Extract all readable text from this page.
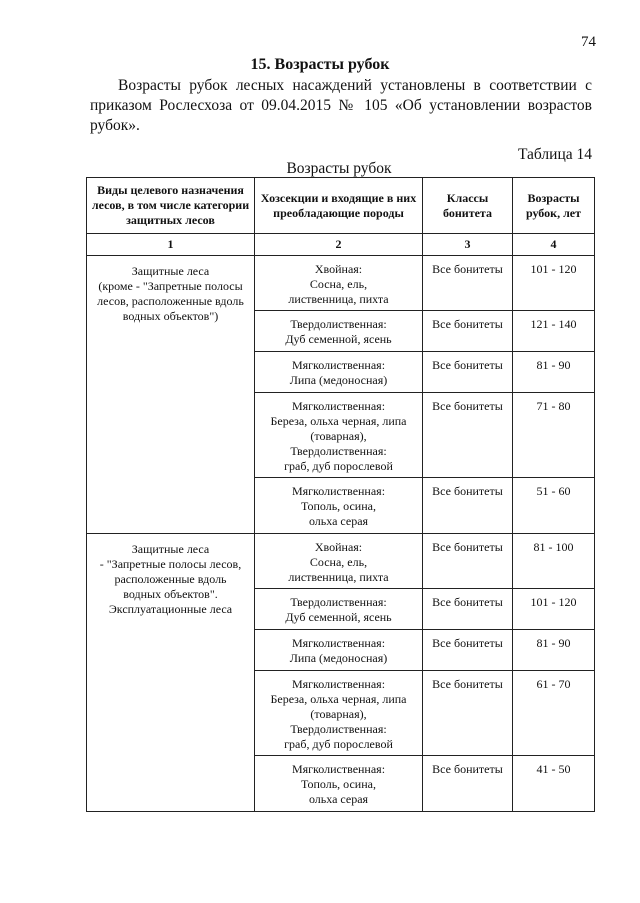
74
15. Возрасты рубок
Возрасты рубок лесных насаждений установлены в соответствии с
приказом Рослесхоза от 09.04.2015 № 105 «Об установлении возрастов
рубок».
Таблица 14
Возрасты рубок
Виды целевого назначения лесов, в том числе категории защитных лесов	Хозсекции и входящие в них преобладающие породы	Классы бонитета	Возрасты рубок, лет
1	2	3	4

Защитные леса
(кроме - "Запретные полосы
лесов, расположенные вдоль
водных объектов")	Хвойная:
Сосна, ель,
лиственница, пихта	Все бонитеты	101 - 120

	Твердолиственная:
Дуб семенной, ясень	Все бонитеты	121 - 140

	Мягколиственная:
Липа (медоносная)	Все бонитеты	81 - 90

	Мягколиственная:
Береза, ольха черная, липа
(товарная),
Твердолиственная:
граб, дуб порослевой	Все бонитеты	71 - 80

	Мягколиственная:
Тополь, осина,
ольха серая	Все бонитеты	51 - 60

Защитные леса
- "Запретные полосы лесов,
расположенные вдоль
водных объектов".
Эксплуатационные леса	Хвойная:
Сосна, ель,
лиственница, пихта	Все бонитеты	81 - 100

	Твердолиственная:
Дуб семенной, ясень	Все бонитеты	101 - 120

	Мягколиственная:
Липа (медоносная)	Все бонитеты	81 - 90

	Мягколиственная:
Береза, ольха черная, липа
(товарная),
Твердолиственная:
граб, дуб порослевой	Все бонитеты	61 - 70

	Мягколиственная:
Тополь, осина,
ольха серая	Все бонитеты	41 - 50
